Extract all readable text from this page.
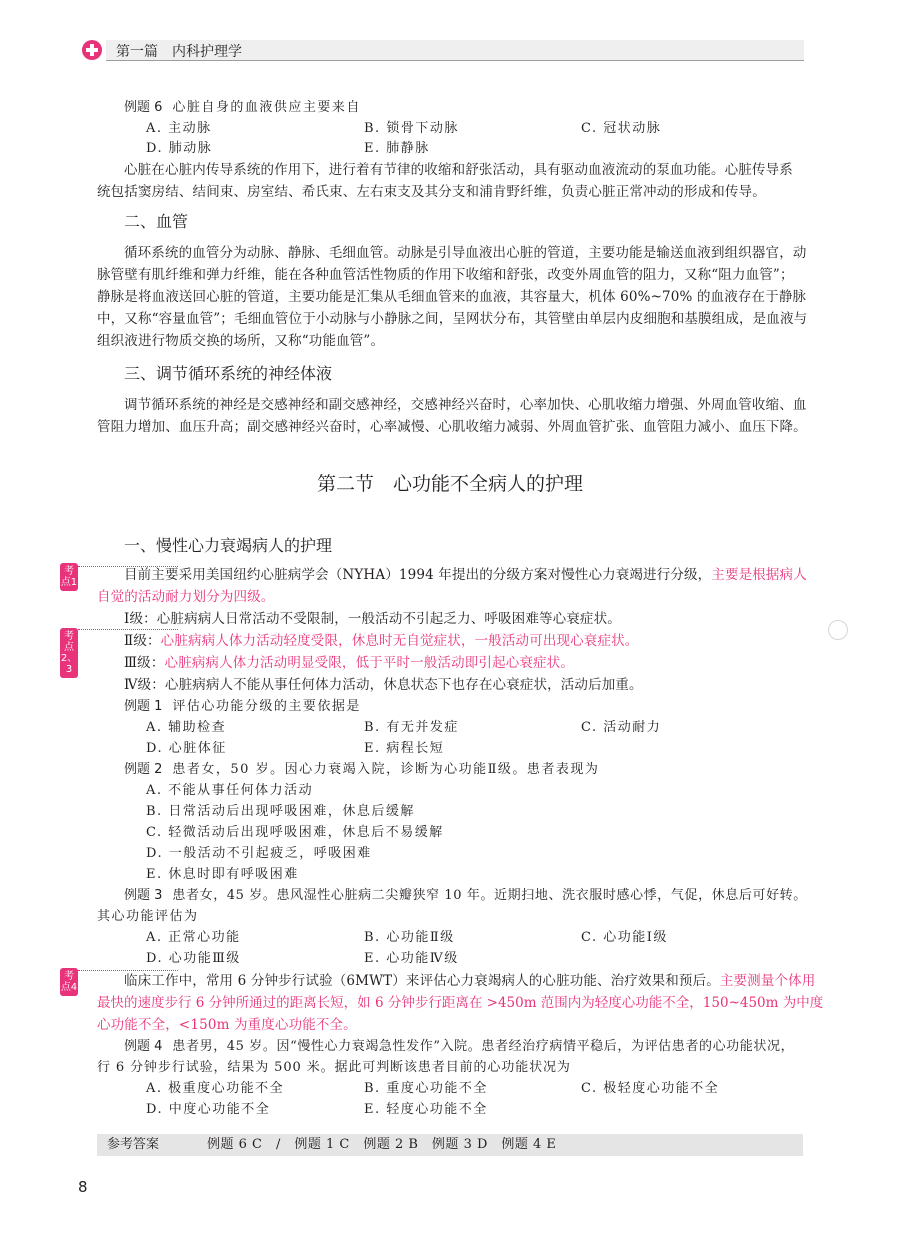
第一篇　内科护理学
例题 6 心脏自身的血液供应主要来自
A. 主动脉	B. 锁骨下动脉	C. 冠状动脉
D. 肺动脉	E. 肺静脉
心脏在心脏内传导系统的作用下，进行着有节律的收缩和舒张活动，具有驱动血液流动的泵血功能。心脏传导系
统包括窦房结、结间束、房室结、希氏束、左右束支及其分支和浦肯野纤维，负责心脏正常冲动的形成和传导。
二、血管
循环系统的血管分为动脉、静脉、毛细血管。动脉是引导血液出心脏的管道，主要功能是输送血液到组织器官，动
脉管壁有肌纤维和弹力纤维，能在各种血管活性物质的作用下收缩和舒张，改变外周血管的阻力，又称“阻力血管”；
静脉是将血液送回心脏的管道，主要功能是汇集从毛细血管来的血液，其容量大，机体 60%~70% 的血液存在于静脉
中，又称“容量血管”；毛细血管位于小动脉与小静脉之间，呈网状分布，其管壁由单层内皮细胞和基膜组成，是血液与
组织液进行物质交换的场所，又称“功能血管”。
三、调节循环系统的神经体液
调节循环系统的神经是交感神经和副交感神经，交感神经兴奋时，心率加快、心肌收缩力增强、外周血管收缩、血
管阻力增加、血压升高；副交感神经兴奋时，心率减慢、心肌收缩力减弱、外周血管扩张、血管阻力减小、血压下降。
第二节　心功能不全病人的护理
一、慢性心力衰竭病人的护理
考点1
考点2、3
考点4
目前主要采用美国纽约心脏病学会（NYHA）1994 年提出的分级方案对慢性心力衰竭进行分级，主要是根据病人
自觉的活动耐力划分为四级。
Ⅰ级：心脏病病人日常活动不受限制，一般活动不引起乏力、呼吸困难等心衰症状。
Ⅱ级：心脏病病人体力活动轻度受限，休息时无自觉症状，一般活动可出现心衰症状。
Ⅲ级：心脏病病人体力活动明显受限，低于平时一般活动即引起心衰症状。
Ⅳ级：心脏病病人不能从事任何体力活动，休息状态下也存在心衰症状，活动后加重。
例题 1 评估心功能分级的主要依据是
A. 辅助检查	B. 有无并发症	C. 活动耐力
D. 心脏体征	E. 病程长短
例题 2 患者女，50 岁。因心力衰竭入院，诊断为心功能Ⅱ级。患者表现为
A. 不能从事任何体力活动
B. 日常活动后出现呼吸困难，休息后缓解
C. 轻微活动后出现呼吸困难，休息后不易缓解
D. 一般活动不引起疲乏，呼吸困难
E. 休息时即有呼吸困难
例题 3 患者女，45 岁。患风湿性心脏病二尖瓣狭窄 10 年。近期扫地、洗衣服时感心悸，气促，休息后可好转。
其心功能评估为
A. 正常心功能	B. 心功能Ⅱ级	C. 心功能Ⅰ级
D. 心功能Ⅲ级	E. 心功能Ⅳ级
临床工作中，常用 6 分钟步行试验（6MWT）来评估心力衰竭病人的心脏功能、治疗效果和预后。主要测量个体用
最快的速度步行 6 分钟所通过的距离长短，如 6 分钟步行距离在 >450m 范围内为轻度心功能不全，150~450m 为中度
心功能不全，<150m 为重度心功能不全。
例题 4 患者男，45 岁。因“慢性心力衰竭急性发作”入院。患者经治疗病情平稳后，为评估患者的心功能状况，
行 6 分钟步行试验，结果为 500 米。据此可判断该患者目前的心功能状况为
A. 极重度心功能不全	B. 重度心功能不全	C. 极轻度心功能不全
D. 中度心功能不全	E. 轻度心功能不全
参考答案	例题 6 C　/　例题 1 C　例题 2 B　例题 3 D　例题 4 E
8
